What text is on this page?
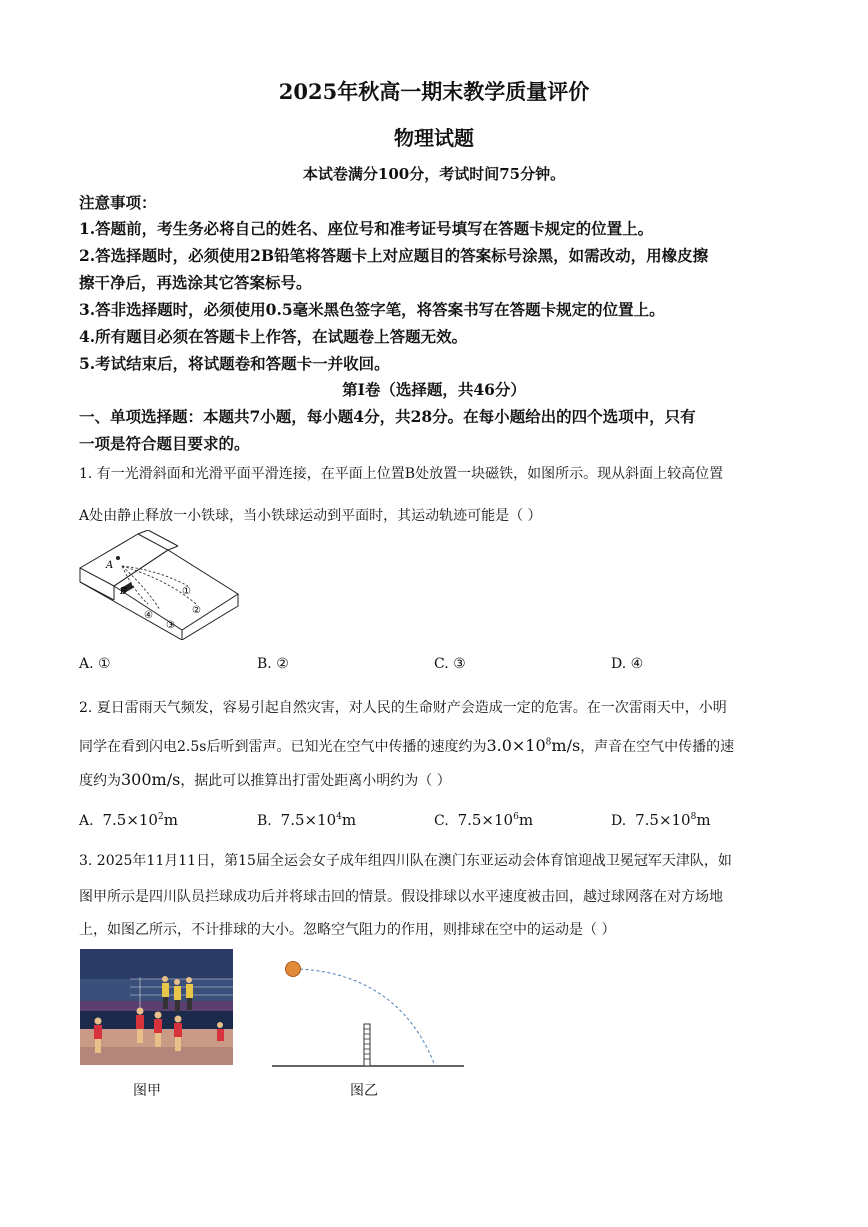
2025年秋高一期末教学质量评价
物理试题
本试卷满分100分，考试时间75分钟。
注意事项：
1.答题前，考生务必将自己的姓名、座位号和准考证号填写在答题卡规定的位置上。
2.答选择题时，必须使用2B铅笔将答题卡上对应题目的答案标号涂黑，如需改动，用橡皮擦
擦干净后，再选涂其它答案标号。
3.答非选择题时，必须使用0.5毫米黑色签字笔，将答案书写在答题卡规定的位置上。
4.所有题目必须在答题卡上作答，在试题卷上答题无效。
5.考试结束后，将试题卷和答题卡一并收回。
第Ⅰ卷（选择题，共46分）
一、单项选择题：本题共7小题，每小题4分，共28分。在每小题给出的四个选项中，只有
一项是符合题目要求的。
1. 有一光滑斜面和光滑平面平滑连接，在平面上位置B处放置一块磁铁，如图所示。现从斜面上较高位置
A处由静止释放一小铁球，当小铁球运动到平面时，其运动轨迹可能是（ ）
A
B	①
②
③
④
A. ①	B. ②	C. ③	D. ④
2. 夏日雷雨天气频发，容易引起自然灾害，对人民的生命财产会造成一定的危害。在一次雷雨天中，小明
同学在看到闪电2.5s后听到雷声。已知光在空气中传播的速度约为$3.0\times 10^8m/s$，声音在空气中传播的速
度约为300m/s，据此可以推算出打雷处距离小明约为（ ）
A. $7.5\times 10^2m$	B. $7.5\times 10^4m$	C. $7.5\times 10^6m$	D. $7.5\times 10^8m$
3. 2025年11月11日，第15届全运会女子成年组四川队在澳门东亚运动会体育馆迎战卫冕冠军天津队，如
图甲所示是四川队员拦球成功后并将球击回的情景。假设排球以水平速度被击回，越过球网落在对方场地
上，如图乙所示，不计排球的大小。忽略空气阻力的作用，则排球在空中的运动是（ ）
图甲	图乙
